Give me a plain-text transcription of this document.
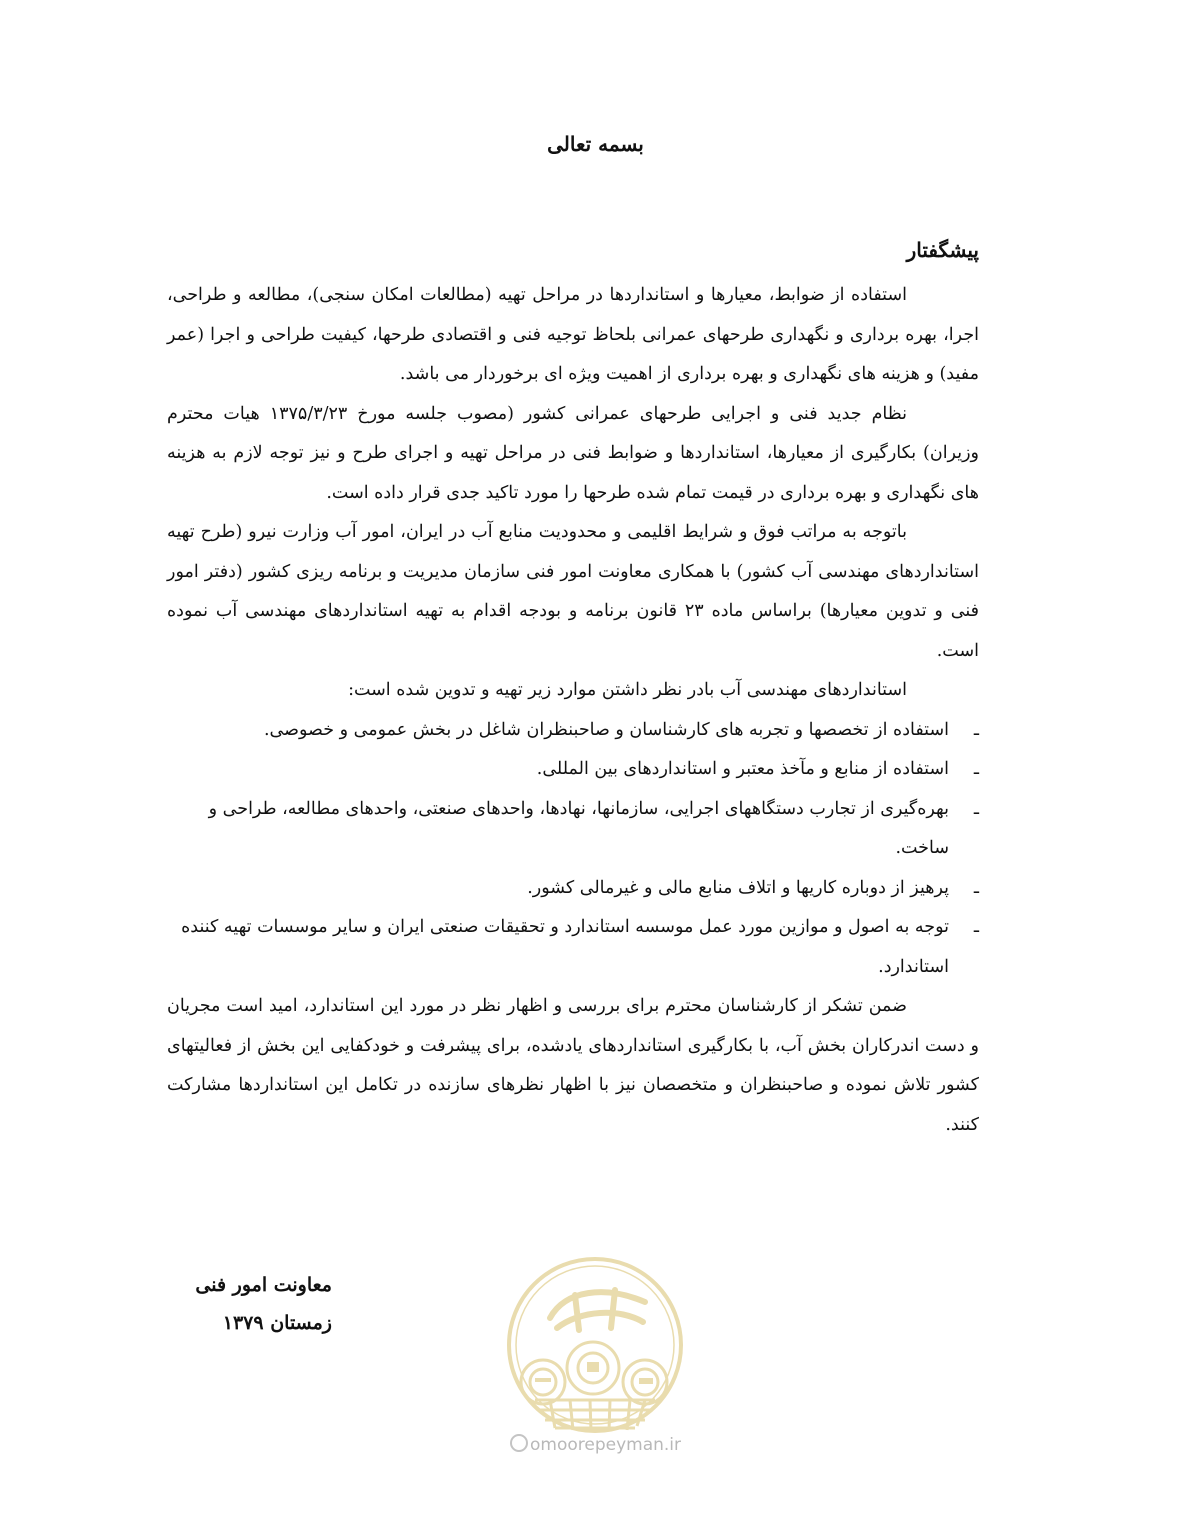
بسمه تعالی
پیشگفتار

استفاده از ضوابط، معیارها و استانداردها در مراحل تهیه (مطالعات امکان سنجی)، مطالعه و طراحی، اجرا، بهره برداری و نگهداری طرحهای عمرانی بلحاظ توجیه فنی و اقتصادی طرحها، کیفیت طراحی و اجرا (عمر مفید) و هزینه های نگهداری و بهره برداری از اهمیت ویژه ای برخوردار می باشد.

نظام جدید فنی و اجرایی طرحهای عمرانی کشور (مصوب جلسه مورخ ۱۳۷۵/۳/۲۳ هیات محترم وزیران) بکارگیری از معیارها، استانداردها و ضوابط فنی در مراحل تهیه و اجرای طرح و نیز توجه لازم به هزینه های نگهداری و بهره برداری در قیمت تمام شده طرحها را مورد تاکید جدی قرار داده است.

باتوجه به مراتب فوق و شرایط اقلیمی و محدودیت منابع آب در ایران، امور آب وزارت نیرو (طرح تهیه استانداردهای مهندسی آب کشور) با همکاری معاونت امور فنی سازمان مدیریت و برنامه ریزی کشور (دفتر امور فنی و تدوین معیارها) براساس ماده ۲۳ قانون برنامه و بودجه اقدام به تهیه استانداردهای مهندسی آب نموده است.

استانداردهای مهندسی آب بادر نظر داشتن موارد زیر تهیه و تدوین شده است:

ـ
استفاده از تخصصها و تجربه های کارشناسان و صاحبنظران شاغل در بخش عمومی و خصوصی.
ـ
استفاده از منابع و مآخذ معتبر و استانداردهای بین المللی.
ـ
بهره‌گیری از تجارب دستگاههای اجرایی، سازمانها، نهادها، واحدهای صنعتی، واحدهای مطالعه، طراحی و ساخت.
ـ
پرهیز از دوباره کاریها و اتلاف منابع مالی و غیرمالی کشور.
ـ
توجه به اصول و موازین مورد عمل موسسه استاندارد و تحقیقات صنعتی ایران و سایر موسسات تهیه کننده استاندارد.

ضمن تشکر از کارشناسان محترم برای بررسی و اظهار نظر در مورد این استاندارد، امید است مجریان و دست اندرکاران بخش آب، با بکارگیری استانداردهای یادشده، برای پیشرفت و خودکفایی این بخش از فعالیتهای کشور تلاش نموده و صاحبنظران و متخصصان نیز با اظهار نظرهای سازنده در تکامل این استانداردها مشارکت کنند.

معاونت امور فنی
زمستان ۱۳۷۹
omoorepeyman.ir
